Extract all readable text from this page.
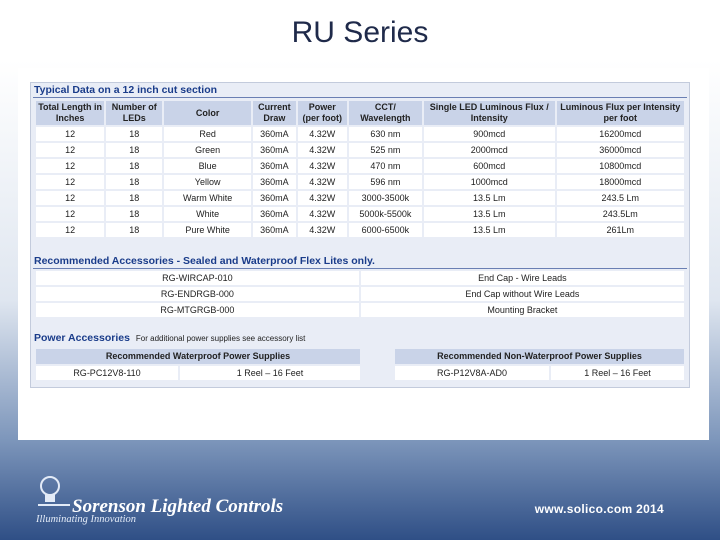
RU Series
Typical Data on a 12 inch cut section
Total Length in Inches	Number of LEDs	Color	Current Draw	Power (per foot)	CCT/ Wavelength	Single LED Luminous Flux / Intensity	Luminous Flux per Intensity per foot
12	18	Red	360mA	4.32W	630 nm	900mcd	16200mcd
12	18	Green	360mA	4.32W	525 nm	2000mcd	36000mcd
12	18	Blue	360mA	4.32W	470 nm	600mcd	10800mcd
12	18	Yellow	360mA	4.32W	596 nm	1000mcd	18000mcd
12	18	Warm White	360mA	4.32W	3000-3500k	13.5 Lm	243.5 Lm
12	18	White	360mA	4.32W	5000k-5500k	13.5 Lm	243.5Lm
12	18	Pure White	360mA	4.32W	6000-6500k	13.5 Lm	261Lm
Recommended Accessories - Sealed and Waterproof Flex Lites only.
RG-WIRCAP-010	End Cap - Wire Leads
RG-ENDRGB-000	End Cap without Wire Leads
RG-MTGRGB-000	Mounting Bracket
Power Accessories For additional power supplies see accessory list
Recommended Waterproof Power Supplies
RG-PC12V8-110	1 Reel – 16 Feet
Recommended Non-Waterproof Power Supplies
RG-P12V8A-AD0	1 Reel – 16 Feet
Sorenson Lighted Controls
Illuminating Innovation
www.solico.com 2014
